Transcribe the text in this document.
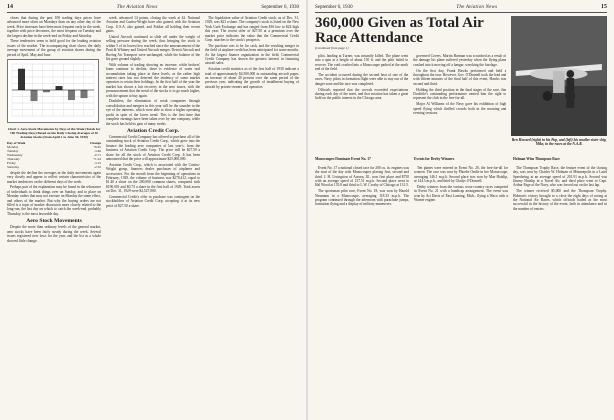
14	The Aviation News	September 6, 1930

closes that during the past 100 trading days prices have advanced more often on Mondays than on any other day of the week. Price increases have been most frequent early in the week, together with price decreases, the most frequent on Tuesday and the largest decline in the week-end on Friday and Saturday.

These tendencies seem to hold good for the leading aviation issues of the market. The accompanying chart shows the daily average movement of the group of aviation shares during the period of April, May and June.

Chart 1. Aero Stock Movements by Days of the Week (Totals for 100 Trading Days) Based on the Daily Closing Averages of 10 Aviation Stocks (from April 1 to June 30, 1930)
Day of Week	Change
Monday	+6.65
Tuesday	-3.46
Wednesday	-0.71
Thursday	+1.24
Friday	-3.15
Saturday	-2.52

despite the decline the averages in the daily movements again very closely and appear to reflect certain characteristics of the market tendencies on the different days of the week.

Perhaps part of the explanation may be found in the reluctance of individuals to think things over on Sunday, and to place on Monday orders that may not execute on Monday the same effect, and others of the market. But why the buying orders are not filled is a topic of market discussion more closely related to the long-run, the last day on which to catch the week-end, probably Thursday, is the most favorable day.

Aero Stock Movements

Despite the more than ordinary levels of the general market, aero stocks have been fairly steady during the week. Several issues registered new lows for the year, and the list as a whole showed little change.

week, advanced 14 points, closing the week at 42. National Aviation and Curtiss-Wright have also gained, with the Aviation Corp. U.S.A. also gained, and Fokker all holding their recent gains.

United Aircraft continued to slide off under the weight of selling pressure during the week, thus bringing the stock to within 5 of its lowest low reached since the announcement of the Pratt & Whitney and United Aircraft merger. Detroit Aircraft and Boeing Air Transport were unchanged, while the balance of the list gave ground slightly.

With volume of trading showing no increase, while brokers' loans continue to decline, there is evidence of some real accumulation taking place at these levels, as the rather high interest rates has not deterred the tendency of some market operators to retain their holdings. In the first half of the year the market has shown a fair recovery in the aero issues, with the pronouncement that the trend of the stocks is to go much higher, with the upturn to buy again.

Doubtless, the elimination of weak companies through consolidation and mergers in this year will be the sounder in the eye of the interests, which were able to show a higher operating profit in spite of the lower trend. This is the first time that complete earnings have been taken over by one company, while the stock has held its gain of many weeks.

Aviation Credit Corp.

Commercial Credit Company has offered to purchase all of the outstanding stock of Aviation Credit Corp., which grew into the finance the leading aero companies of last year's, from the business of Aviation Credit Corp. The price will be $27.50 a share for all the stock of Aviation Credit Corp. It has been announced that the price will approximate $25,000,000.

Aviation Credit Corp., which is associated with the Curtiss-Wright group, finances dealer purchases of airplanes and accessories. For the month from the beginning of operations in February, 1929, the volume of business was $278,412, equal to $1.40 a share on the 200,000 common shares, compared with $190,001 and $0.73 a share in the first half of 1929. Total assets on Dec. 31, 1929 were $2,527,000.

Commercial Credit's offer to purchase was contingent on the stockholders of Aviation Credit Corp. accepting it at its new price of $27.50 a share.

The liquidation value of Aviation Credit stock, as of Dec. 31, 1929, was $23 a share. The company's stock is listed on the New York Curb Exchange and has ranged from $16 low to $24 high this year. The recent offer of $27.50 at a premium over the market price indicates the value that the Commercial Credit Corp. attaches to the stock's prospects.

The purchase was to be for cash, and the resulting merger in the field of airplane credit has been anticipated for some months. As the largest finance organization in the field, Commercial Credit Company has shown the greatest interest in financing aircraft sales.

Aviation credit statistics as of the first half of 1930 indicate a total of approximately $4,500,000 in outstanding aircraft paper, an increase of about 40 percent over the same period of the previous year, indicating the growth of installment buying of aircraft by private owners and operators.

September 6, 1930	The Aviation News	15
360,000 Given as Total Air Race Attendance
(Continued from page 1)

pilot, landing at Turner, was instantly killed. The plane went into a spin at a height of about 150 ft. and the pilot failed to recover. The craft crashed into a Monocoupe parked at the north end of the field.

The accident occurred during the second heat of one of the races. Navy pilots in formation flight were able to stay out of the danger zone and the race was completed.

Officials reported that the crowds exceeded expectations during each day of the meet, and that aviation has taken a great hold on the public interest in the Chicago area.

governed Covers. Martin Burman was scratched as a result of the damage his plane suffered yesterday when the flying plane crashed into it moving off a hangar, wrecking the fuselage.

On the first day, Frank Hawks performed and held a throughout the tour. However, Gov. O'Donnell took the lead and with fifteen minutes of the final half of this event, Hawks was second and third.

Holding the third position in the final stages of the race, Jim Doolittle's outstanding performance earned him the right to represent the club in the free-for-all.

Major Al Williams of the Navy gave his exhibition of high speed flying which thrilled crowds both in the morning and evening sessions.

Ben Howard (right) in his Pup, and (left) his smaller sister ship, Mike, in the races at the N.A.R.
Monocoupes Dominate Event No. 17

Event No. 17 a national closed race for 200 cu. in. engines was the start of the day with Monocoupes placing first, second and third. J. H. Livingston of Aurora, Ill., won first place and $750 with an average speed of 137.51 m.p.h. Second place went to Hal Wood at 135.8 and third to L.W. Crosby of Chicago at 131.5.

The sportsman pilot race, Event No. 18, was won by Harold Neumann in a Monocoupe, averaging 118.33 m.p.h. The program continued through the afternoon with parachute jumps, formation flying and a display of military maneuvers.

Events for Derby Winners

Ten planes were entered in Event No. 20, the free-for-all for women. The race was won by Phoebe Omlie in her Monocoupe, averaging 146.1 m.p.h. Second place was won by Mae Haizlip, at 144.3 m.p.h., and third by Gladys O'Donnell.

Derby winners from the various cross-country races competed in Event No. 21 with a handicap arrangement. The event was won by Art Davis of East Lansing, Mich., flying a Waco with a Warner engine.

Holman Wins Thompson Race

The Thompson Trophy Race, the feature event of the closing day, was won by Charles W. Holman of Minneapolis in a Laird Speedwing at an average speed of 201.91 m.p.h. Second was Jimmy Haizlip in a Travel Air, and third place went to Capt. Arthur Page of the Navy, who was forced out on the last lap.

The winner received $5,000 and the Thompson Trophy. Holman's victory brought to a close the eight days of racing at the National Air Races, which officials hailed as the most successful in the history of the event, both in attendance and in the number of entries.
